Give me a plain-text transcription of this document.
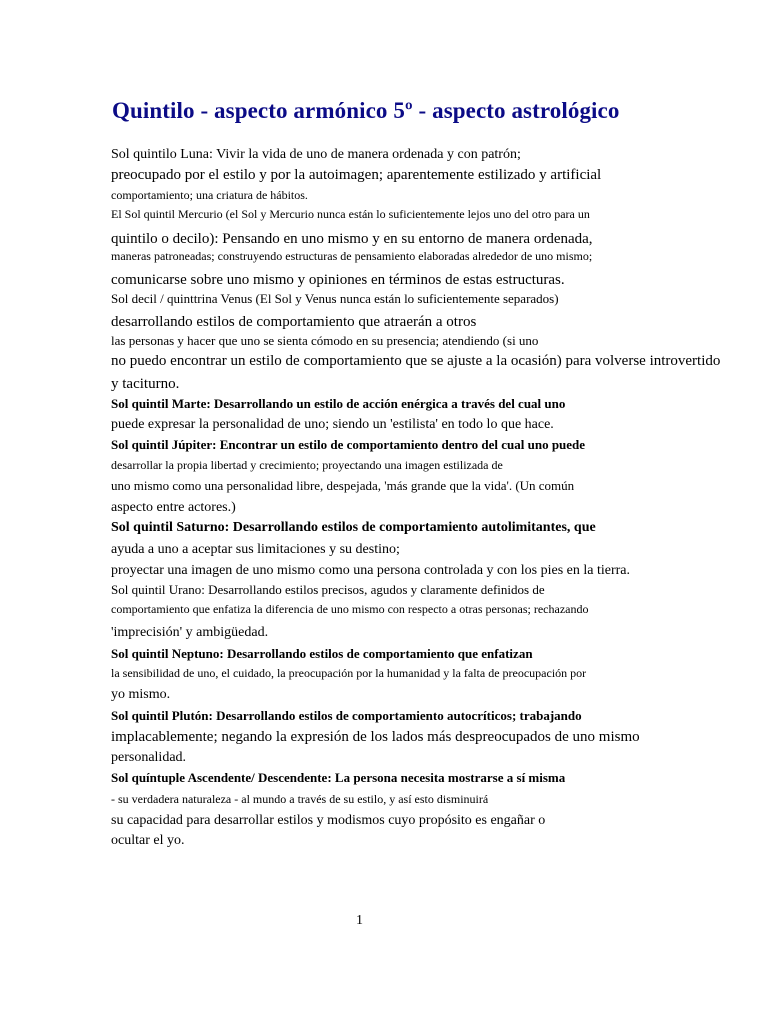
Quintilo - aspecto armónico 5º - aspecto astrológico

Sol quintilo Luna: Vivir la vida de uno de manera ordenada y con patrón;

preocupado por el estilo y por la autoimagen; aparentemente estilizado y artificial

comportamiento; una criatura de hábitos.

El Sol quintil Mercurio (el Sol y Mercurio nunca están lo suficientemente lejos uno del otro para un

quintilo o decilo): Pensando en uno mismo y en su entorno de manera ordenada,

maneras patroneadas; construyendo estructuras de pensamiento elaboradas alrededor de uno mismo;

comunicarse sobre uno mismo y opiniones en términos de estas estructuras.

Sol decil / quinttrina Venus (El Sol y Venus nunca están lo suficientemente separados)

desarrollando estilos de comportamiento que atraerán a otros

las personas y hacer que uno se sienta cómodo en su presencia; atendiendo (si uno

no puedo encontrar un estilo de comportamiento que se ajuste a la ocasión) para volverse introvertido

y taciturno.

Sol quintil Marte: Desarrollando un estilo de acción enérgica a través del cual uno

puede expresar la personalidad de uno; siendo un 'estilista' en todo lo que hace.

Sol quintil Júpiter: Encontrar un estilo de comportamiento dentro del cual uno puede

desarrollar la propia libertad y crecimiento; proyectando una imagen estilizada de

uno mismo como una personalidad libre, despejada, 'más grande que la vida'. (Un común

aspecto entre actores.)

Sol quintil Saturno: Desarrollando estilos de comportamiento autolimitantes, que

ayuda a uno a aceptar sus limitaciones y su destino;

proyectar una imagen de uno mismo como una persona controlada y con los pies en la tierra.

Sol quintil Urano: Desarrollando estilos precisos, agudos y claramente definidos de

comportamiento que enfatiza la diferencia de uno mismo con respecto a otras personas; rechazando

'imprecisión' y ambigüedad.

Sol quintil Neptuno: Desarrollando estilos de comportamiento que enfatizan

la sensibilidad de uno, el cuidado, la preocupación por la humanidad y la falta de preocupación por

yo mismo.

Sol quintil Plutón: Desarrollando estilos de comportamiento autocríticos; trabajando

implacablemente; negando la expresión de los lados más despreocupados de uno mismo

personalidad.

Sol quíntuple Ascendente/ Descendente: La persona necesita mostrarse a sí misma

- su verdadera naturaleza - al mundo a través de su estilo, y así esto disminuirá

su capacidad para desarrollar estilos y modismos cuyo propósito es engañar o

ocultar el yo.

1
